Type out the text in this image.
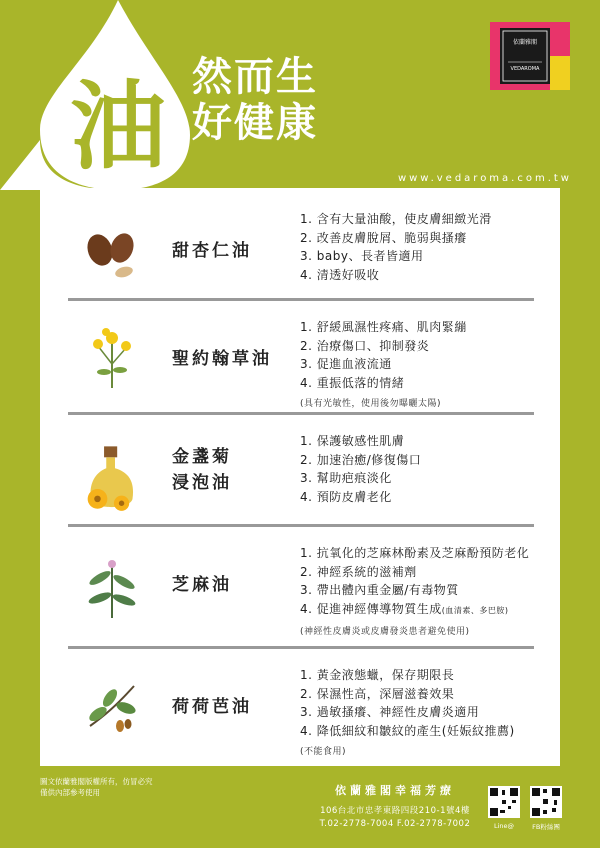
油 然而生
好健康
依蘭雅閣
VEDAROMA
www.vedaroma.com.tw
甜杏仁油
1. 含有大量油酸，使皮膚細緻光滑
2. 改善皮膚脫屑、脆弱與搔癢
3. baby、長者皆適用
4. 清透好吸收
聖約翰草油
1. 舒緩風濕性疼痛、肌肉緊繃
2. 治療傷口、抑制發炎
3. 促進血液流通
4. 重振低落的情緒
(具有光敏性，使用後勿曝曬太陽)
金盞菊
浸泡油
1. 保護敏感性肌膚
2. 加速治癒/修復傷口
3. 幫助疤痕淡化
4. 預防皮膚老化
芝麻油
1. 抗氧化的芝麻林酚素及芝麻酚預防老化
2. 神經系統的滋補劑
3. 帶出體內重金屬/有毒物質
4. 促進神經傳導物質生成(血清素、多巴胺)
(神經性皮膚炎或皮膚發炎患者避免使用)
荷荷芭油
1. 黃金液態蠟，保存期限長
2. 保濕性高，深層滋養效果
3. 過敏搔癢、神經性皮膚炎適用
4. 降低細紋和皺紋的產生(妊娠紋推薦)
(不能食用)
圖文依蘭雅閣版權所有，仿冒必究
僅供內部參考使用	依蘭雅閣幸福芳療
106台北市忠孝東路四段210-1號4樓
T.02-2778-7004 F.02-2778-7002	Line@	FB粉絲團
